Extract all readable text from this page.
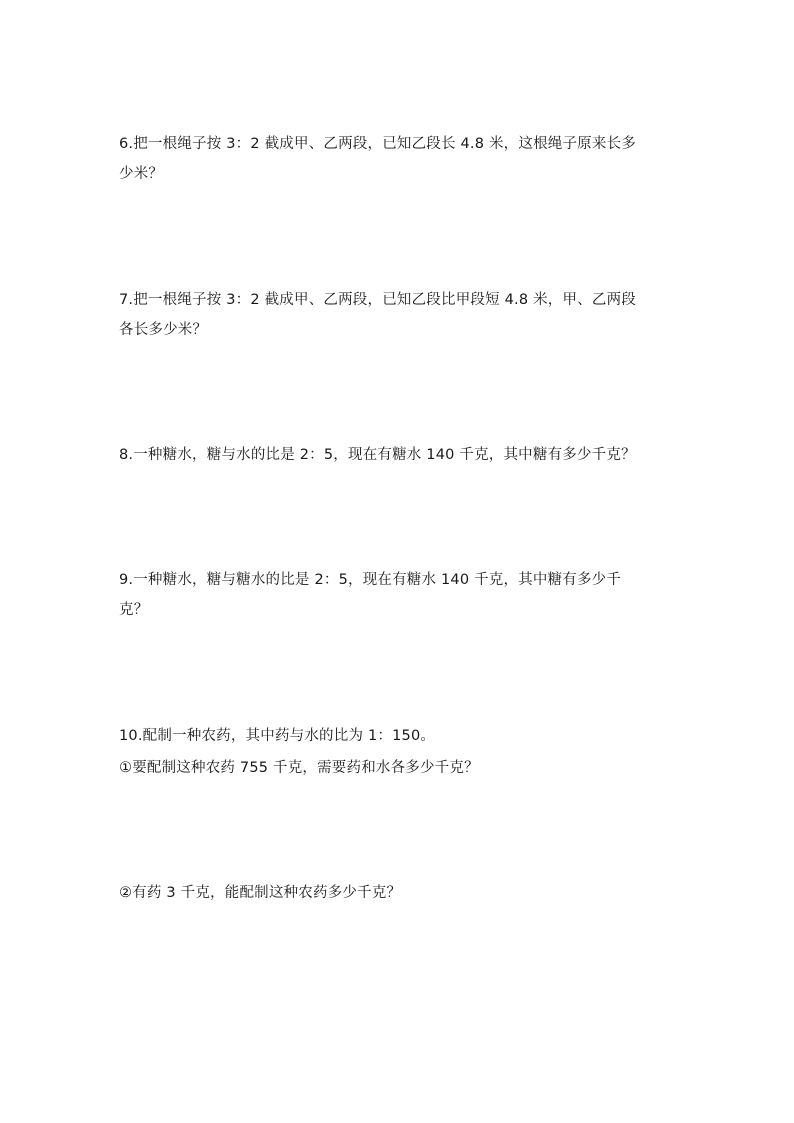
6.把一根绳子按 3：2 截成甲、乙两段，已知乙段长 4.8 米，这根绳子原来长多
少米？
7.把一根绳子按 3：2 截成甲、乙两段，已知乙段比甲段短 4.8 米，甲、乙两段
各长多少米？
8.一种糖水，糖与水的比是 2：5，现在有糖水 140 千克，其中糖有多少千克？
9.一种糖水，糖与糖水的比是 2：5，现在有糖水 140 千克，其中糖有多少千
克？
10.配制一种农药，其中药与水的比为 1：150。
①要配制这种农药 755 千克，需要药和水各多少千克？
②有药 3 千克，能配制这种农药多少千克？
